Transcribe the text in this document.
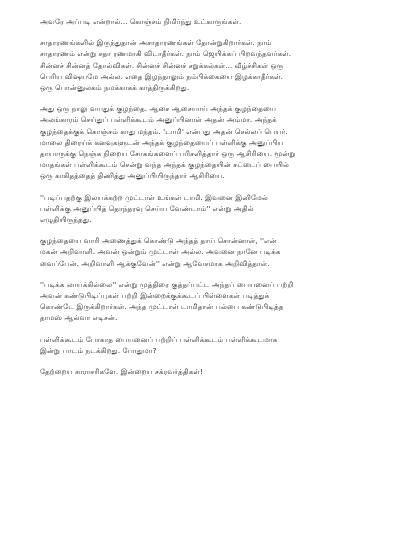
அவரே அப்படி என்றால்... கொஞ்சம் நிமிர்ந்து உட்காருங்கள்.
சாதாரணங்களில் இருந்துதான் அசாதாரணங்கள் தோன்றுகிறார்கள். நாம்
சாதாரணம் என்று சதா ரணமாகி விடாதீர்கள். நாம் ஜெயிக்கப் பிறவந்தவர்கள்.
சின்னச் சின்னத் தோல்விகள். சின்னச் சின்னச் சறுக்கல்கள்... வீழ்ச்சிகள் ஒரு
பெரிய விஷயமே அல்ல. எதை இழந்தாலும் நம்பிக்கையை இழக்காதீர்கள்.
ஒரு பொன்னுலகம் நமக்காகக் காத்திருக்கிறது.
அது ஒரு நாலு வயதுக் குழந்தை. ஆசை ஆசையாய் அந்தக் குழந்தையை
அலங்காரம் செய்துப் பள்ளிக்கூடம் அனுப்பினாள் அதன் அம்மா. அந்தக்
குழந்தைக்குக் கொஞ்சம் காது மந்தம். 'டாமி' என்பது அதன் செல்லப் பெயர்.
மாலை திரைய்க் கனவுகளுடன் அந்தக் குழந்தையைப் பள்ளிக்கு அனுப்பிய
தாயாருக்கு நெஞ்சு நிறைய சோகங்களைப் பரிசளித்தார் ஒரு ஆசிரியை. மூன்று
மாதங்கள் பள்ளிக்கூடம் சென்று வந்த அந்தக் குழந்தையின் சட்டைப் பையில்
ஒரு காகிதத்தைத் திணித்து அனுப்பியிருந்தார் ஆசிரியை.
''படிப்பதற்கு இலயக்கற்ற முட்டாள் உங்கள் டாமி. இவனை இனிமேல்
பள்ளிக்கு அனுப்பித் தொந்தரவு செய்ய வேண்டாம்'' என்று அதில்
எழுதியிருந்தது.
குழந்தையை வாரி அணைத்துக் கொண்டு அந்தத் தாய் சொன்னாள், ''என்
மகன் அறிவாளி. அவன் ஒன்றும் முட்டாள் அல்ல. அவனை நானே படிக்க
வைப்பேன். அறிவாளி ஆக்குவேன்'' என்று ஆவேசமாக அறிவித்தாள்.
''படிக்க லாயக்கில்லை'' என்று முத்திரை குத்தப்பட்ட அந்தப் பையனைப் பற்றி
அவன் கண்டுபிடிப்புகள் பற்றி இன்றைக்குக்கூடப் பிள்ளைகள் படித்துக்
கொண்டே இருக்கிறார்கள். அந்த முட்டாள் டாமிதான் பல்பை கண்டுபிடித்த
தாமஸ் ஆல்வா எடிசன்.
பள்ளிக்கூடம் போகாத பையனைப் பற்றிப் பள்ளிக்கூடம் பள்ளிக்கூடமாக
இன்று பாடம் நடக்கிறது. போதுமா?
தேற்றைய சாராசரிகளே. இன்றைய சக்ரவர்த்திகள்!
